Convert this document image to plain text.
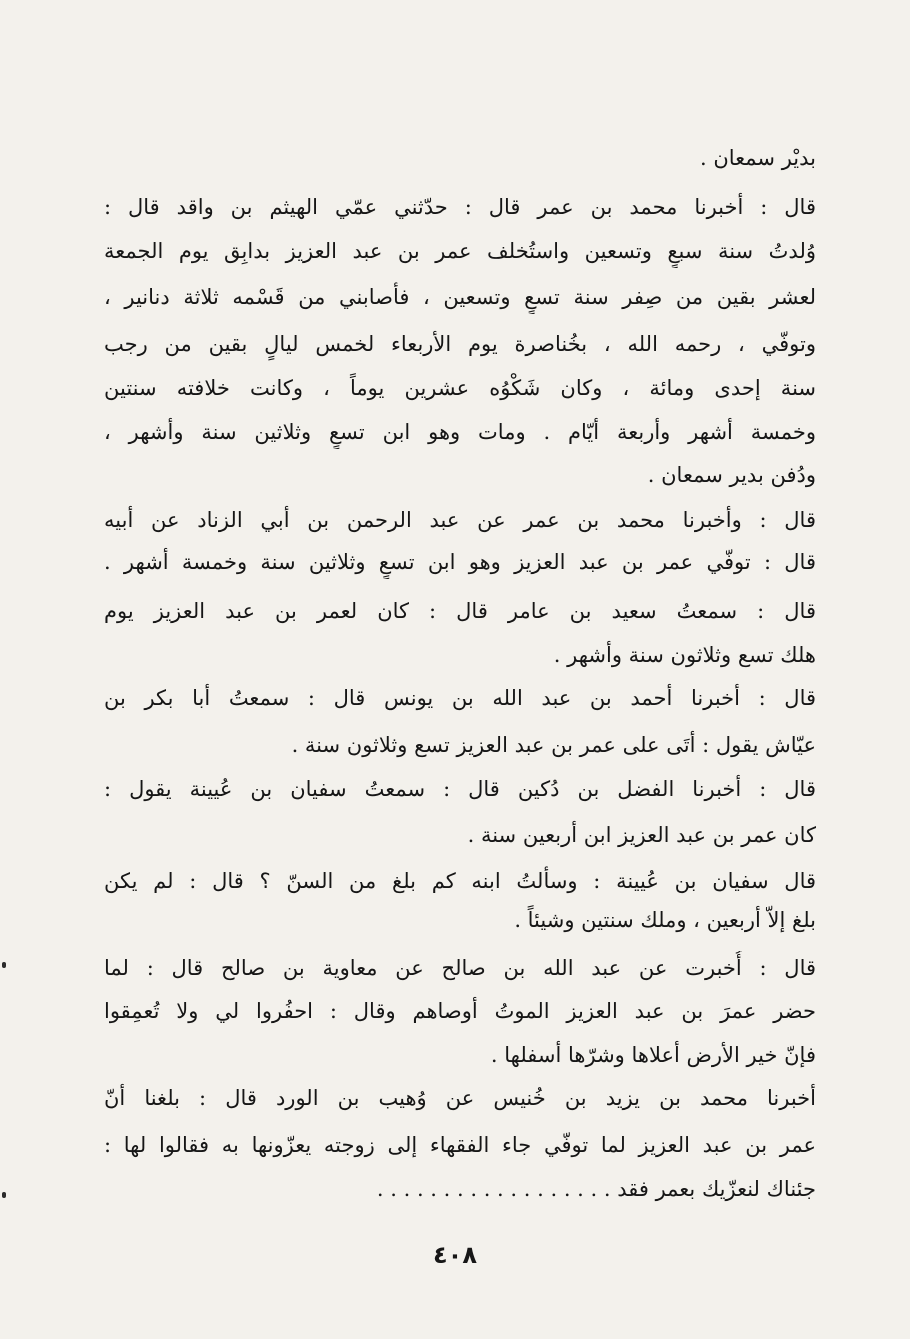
بديْر سمعان .
قال : أخبرنا محمد بن عمر قال : حدّثني عمّي الهيثم بن واقد قال :
وُلدتُ سنة سبعٍ وتسعين واستُخلف عمر بن عبد العزيز بدابِق يوم الجمعة
لعشر بقين من صِفر سنة تسعٍ وتسعين ، فأصابني من قَسْمه ثلاثة دنانير ،
وتوفّي ، رحمه الله ، بخُناصرة يوم الأربعاء لخمس ليالٍ بقين من رجب
سنة إحدى ومائة ، وكان شَكْوُه عشرين يوماً ، وكانت خلافته سنتين
وخمسة أشهر وأربعة أيّام . ومات وهو ابن تسعٍ وثلاثين سنة وأشهر ،
ودُفن بدير سمعان .
قال : وأخبرنا محمد بن عمر عن عبد الرحمن بن أبي الزناد عن أبيه
قال : توفّي عمر بن عبد العزيز وهو ابن تسعٍ وثلاثين سنة وخمسة أشهر .
قال : سمعتُ سعيد بن عامر قال : كان لعمر بن عبد العزيز يوم
هلك تسع وثلاثون سنة وأشهر .
قال : أخبرنا أحمد بن عبد الله بن يونس قال : سمعتُ أبا بكر بن
عيّاش يقول : أتَى على عمر بن عبد العزيز تسع وثلاثون سنة .
قال : أخبرنا الفضل بن دُكين قال : سمعتُ سفيان بن عُيينة يقول :
كان عمر بن عبد العزيز ابن أربعين سنة .
قال سفيان بن عُيينة : وسألتُ ابنه كم بلغ من السنّ ؟ قال : لم يكن
بلغ إلاّ أربعين ، وملك سنتين وشيئاً .
قال : أُخبرت عن عبد الله بن صالح عن معاوية بن صالح قال : لما
حضر عمرَ بن عبد العزيز الموتُ أوصاهم وقال : احفُروا لي ولا تُعمِقوا
فإنّ خير الأرض أعلاها وشرّها أسفلها .
أخبرنا محمد بن يزيد بن خُنيس عن وُهيب بن الورد قال : بلغنا أنّ
عمر بن عبد العزيز لما توفّي جاء الفقهاء إلى زوجته يعزّونها به فقالوا لها :
جئناك لنعزّيك بعمر فقد . . . . . . . . . . . . . . . . . .
٤٠٨
